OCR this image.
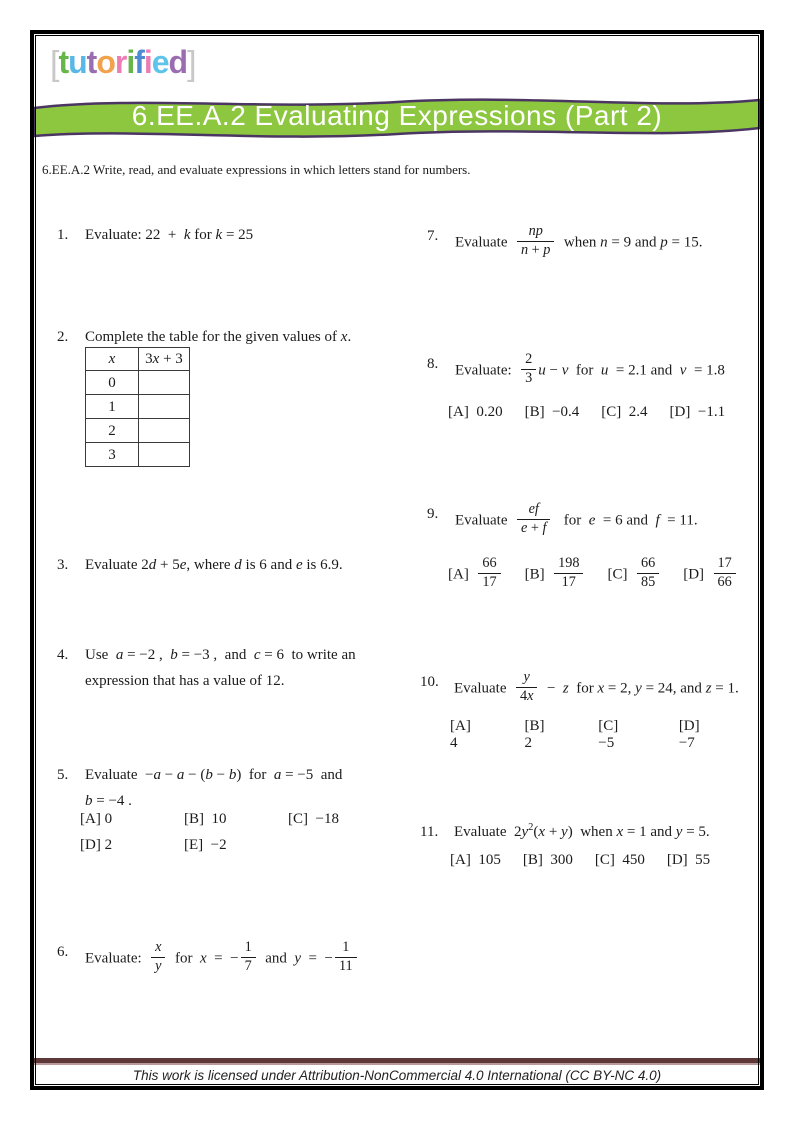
[tutorified]
6.EE.A.2 Evaluating Expressions (Part 2)
6.EE.A.2 Write, read, and evaluate expressions in which letters stand for numbers.
1.	Evaluate: 22  +  k for k = 25
2.	Complete the table for the given values of x.
x	3x + 3
0	
1	
2	
3	
3.	Evaluate 2d + 5e, where d is 6 and e is 6.9.
4.	Use  a = −2 ,  b = −3 ,  and  c = 6  to write an
expression that has a value of 12.
5.	Evaluate  −a − a − (b − b)  for  a = −5  and
b = −4 .
[A] 0	[B]  10	[C]  −18
[D] 2	[E]  −2
6.	Evaluate: $\frac{x}{y}$ for  x  =  − $\frac{1}{7}$ and  y  =  − $\frac{1}{11}$
7.	Evaluate $\frac{np}{n + p}$ when n = 9 and p = 15.
8.	Evaluate: $\frac{2}{3}$ u − v  for  u  = 2.1 and  v  = 1.8
[A]  0.20 [B]  −0.4 [C]  2.4 [D]  −1.1
9.	Evaluate $\frac{ef}{e + f}$ for  e  = 6 and  f  = 11.
$[A] \frac{66}{17} [B] \frac{198}{17} [C] \frac{66}{85} [D] \frac{17}{66}$
10.	Evaluate $\frac{y}{4x} - z$  for x = 2, y = 24, and z = 1.
[A]  4
[B]  2
[C]  −5
[D]  −7
11.	Evaluate  $2y^2(x + y)$  when x = 1 and y = 5.
[A]  105 [B]  300 [C]  450 [D]  55
This work is licensed under Attribution-NonCommercial 4.0 International (CC BY-NC 4.0)
